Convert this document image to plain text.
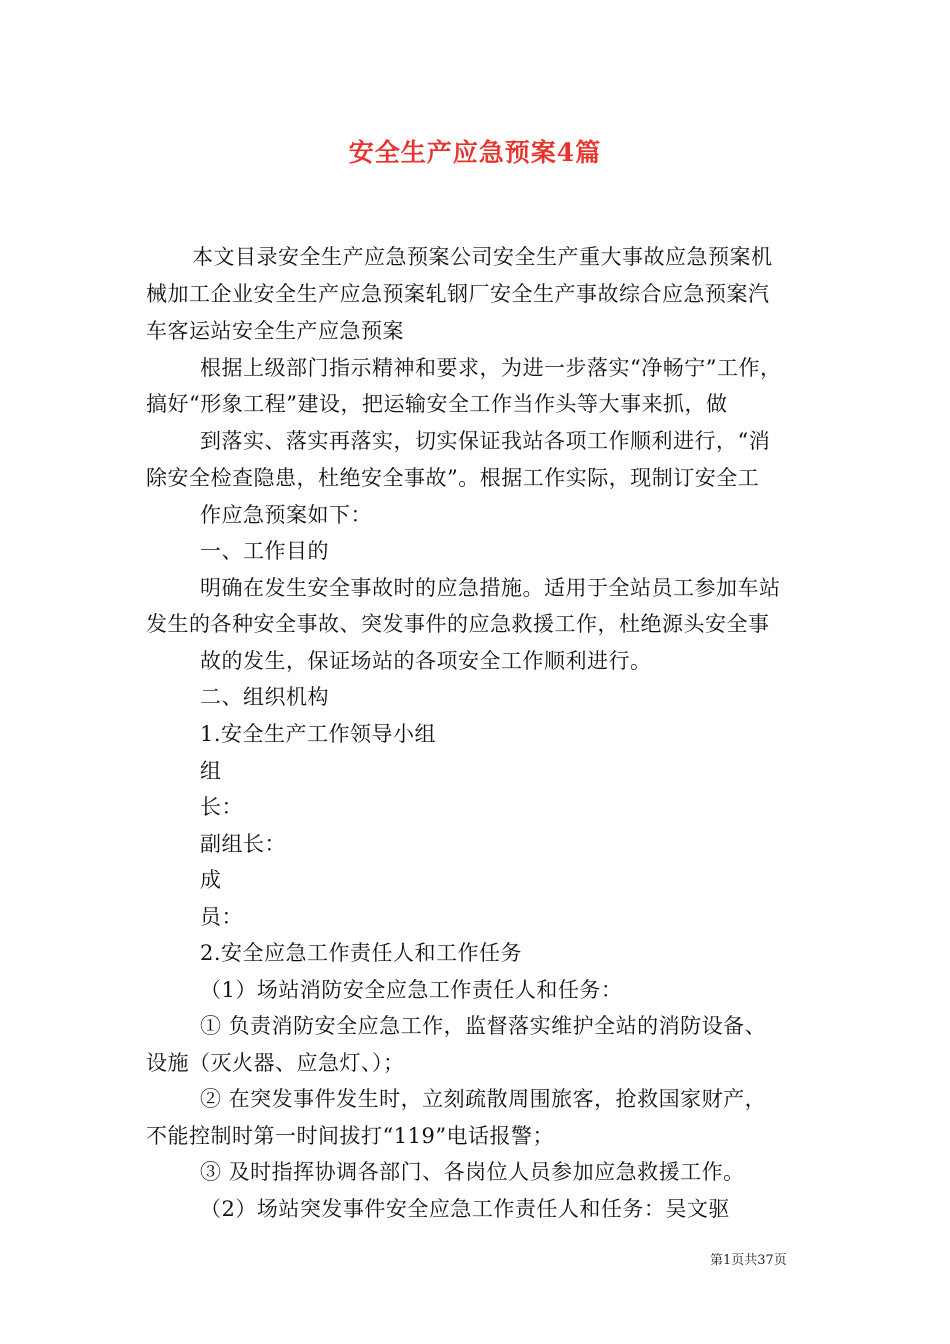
安全生产应急预案4篇
本文目录安全生产应急预案公司安全生产重大事故应急预案机
械加工企业安全生产应急预案轧钢厂安全生产事故综合应急预案汽
车客运站安全生产应急预案
根据上级部门指示精神和要求，为进一步落实“净畅宁”工作，
搞好“形象工程”建设，把运输安全工作当作头等大事来抓，做
到落实、落实再落实，切实保证我站各项工作顺利进行，“消
除安全检查隐患，杜绝安全事故”。根据工作实际，现制订安全工
作应急预案如下：
一、工作目的
明确在发生安全事故时的应急措施。适用于全站员工参加车站
发生的各种安全事故、突发事件的应急救援工作，杜绝源头安全事
故的发生，保证场站的各项安全工作顺利进行。
二、组织机构
1.安全生产工作领导小组
组
长：
副组长：
成
员：
2.安全应急工作责任人和工作任务
（1）场站消防安全应急工作责任人和任务：
① 负责消防安全应急工作，监督落实维护全站的消防设备、
设施（灭火器、应急灯、）；
② 在突发事件发生时，立刻疏散周围旅客，抢救国家财产，
不能控制时第一时间拔打“119”电话报警；
③ 及时指挥协调各部门、各岗位人员参加应急救援工作。
（2）场站突发事件安全应急工作责任人和任务：吴文驱
第1页共37页
